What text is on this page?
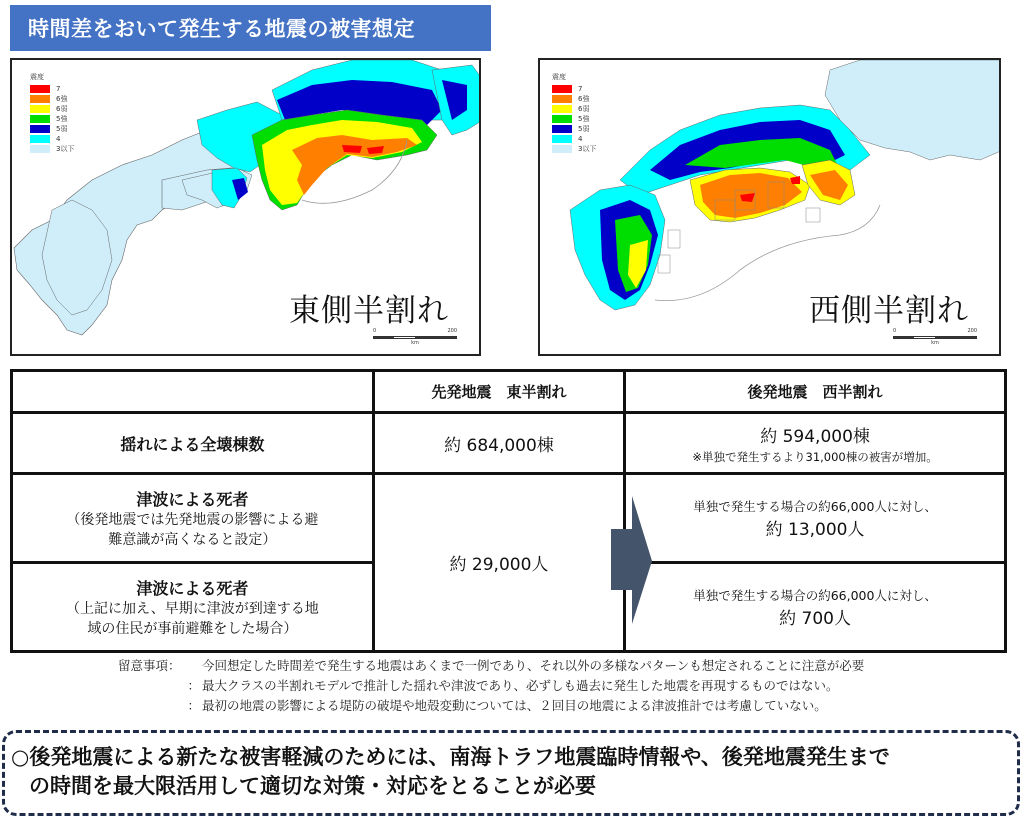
時間差をおいて発生する地震の被害想定
震度
7
6強
6弱
5強
5弱
4
3以下
東側半割れ
0	200
km
震度
7
6強
6弱
5強
5弱
4
3以下
西側半割れ
0	200
km
	先発地震　東半割れ	後発地震　西半割れ

揺れによる全壊棟数	約 684,000棟	約 594,000棟
※単独で発生するより31,000棟の被害が増加。

津波による死者
（後発地震では先発地震の影響による避
難意識が高くなると設定）	約 29,000人	単独で発生する場合の約66,000人に対し、
約 13,000人

津波による死者
（上記に加え、早期に津波が到達する地
域の住民が事前避難をした場合）		単独で発生する場合の約66,000人に対し、
約 700人
留意事項：	今回想定した時間差で発生する地震はあくまで一例であり、それ以外の多様なパターンも想定されることに注意が必要
： 最大クラスの半割れモデルで推計した揺れや津波であり、必ずしも過去に発生した地震を再現するものではない。
： 最初の地震の影響による堤防の破堤や地殻変動については、２回目の地震による津波推計では考慮していない。
○後発地震による新たな被害軽減のためには、南海トラフ地震臨時情報や、後発地震発生まで
の時間を最大限活用して適切な対策・対応をとることが必要
